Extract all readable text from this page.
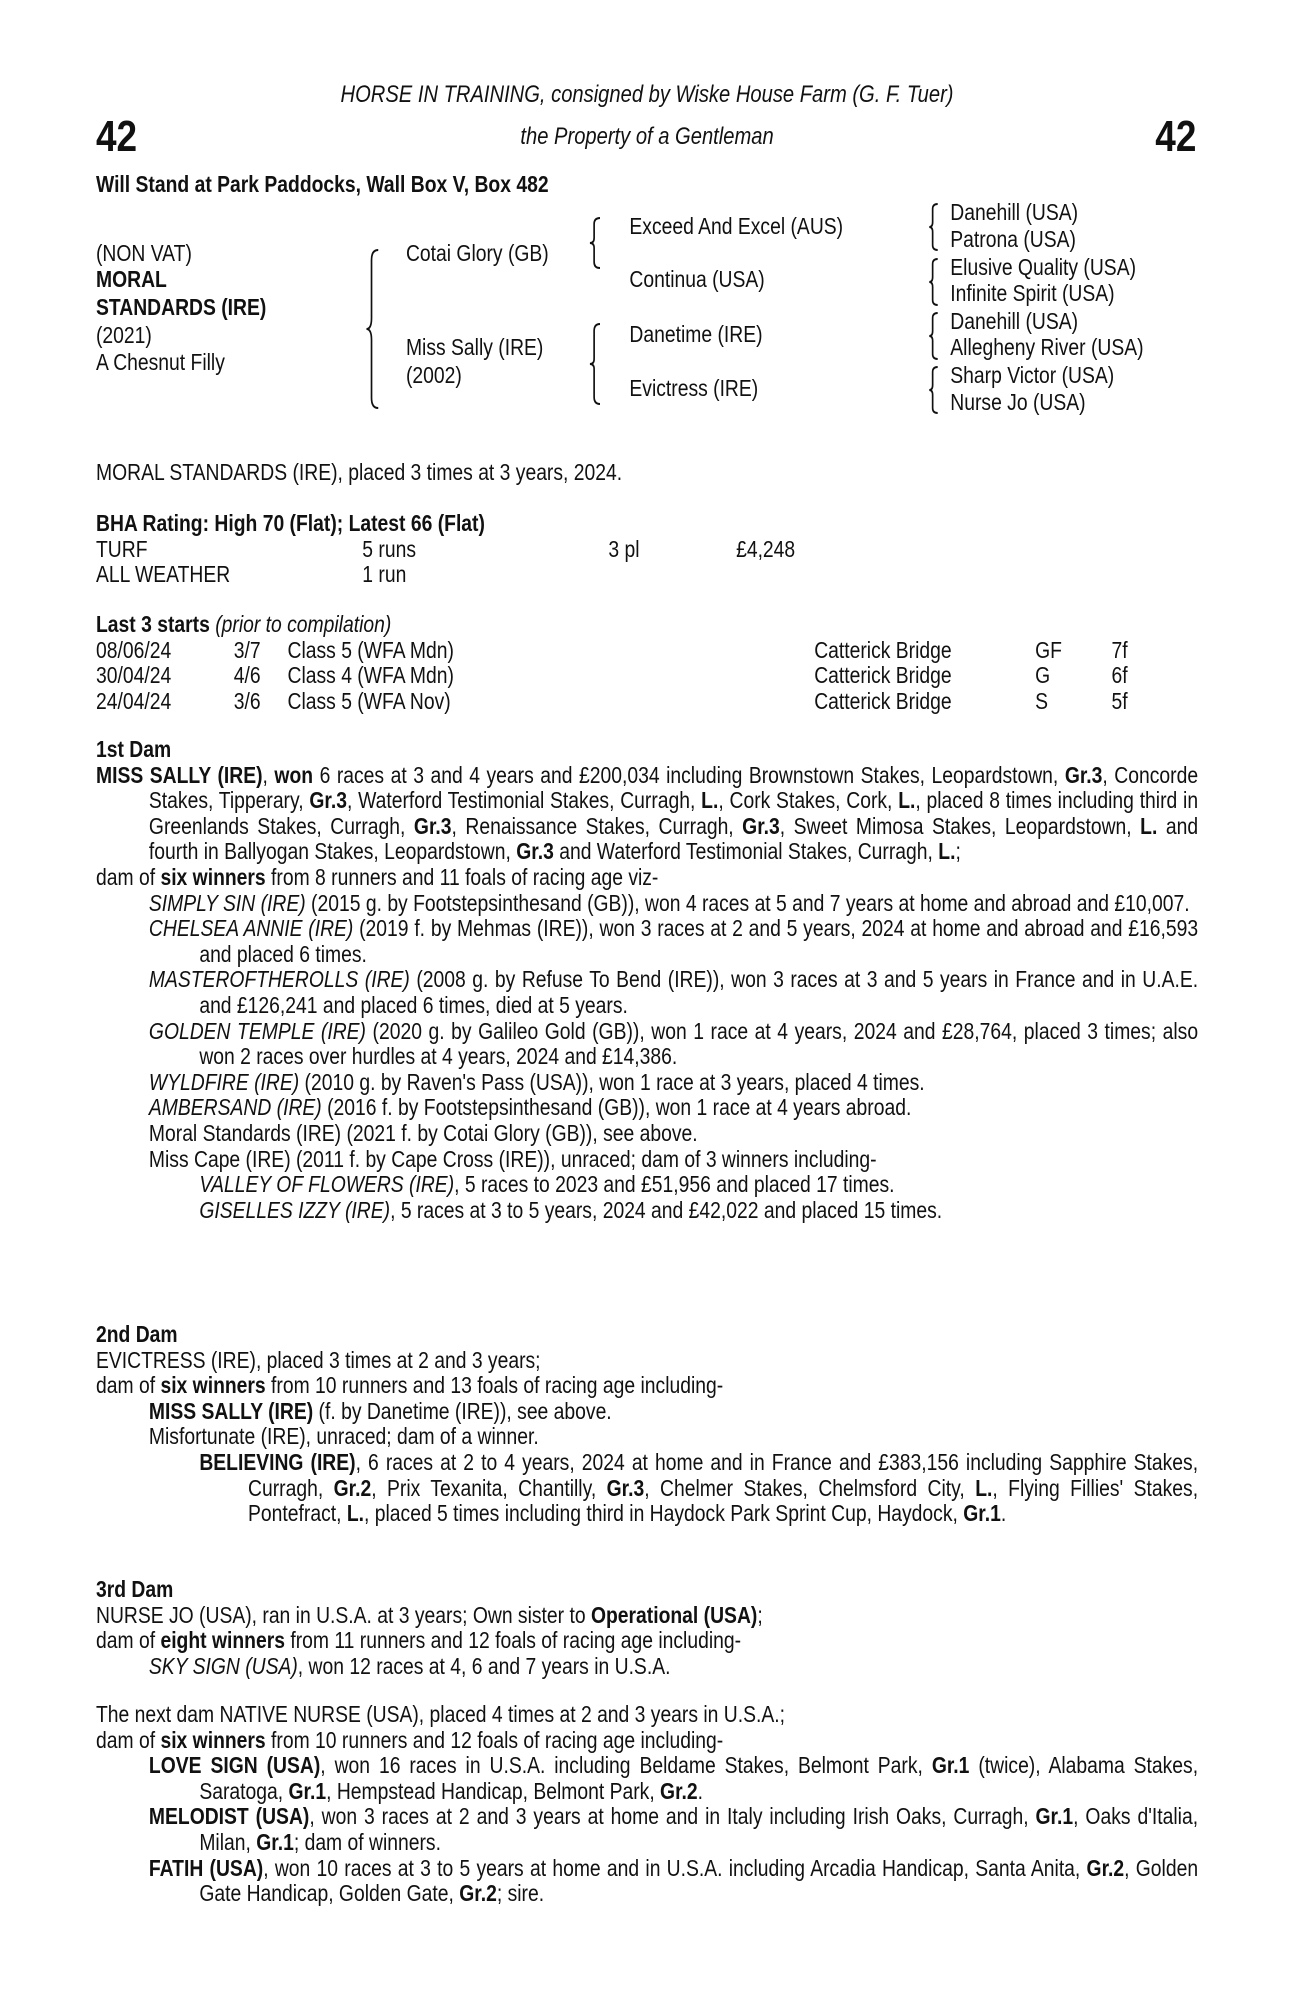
HORSE IN TRAINING, consigned by Wiske House Farm (G. F. Tuer)
the Property of a Gentleman
42	42
Will Stand at Park Paddocks, Wall Box V, Box 482
(NON VAT)
MORAL
STANDARDS (IRE)
(2021)
A Chesnut Filly
Cotai Glory (GB)
Miss Sally (IRE)
(2002)
Exceed And Excel (AUS)
Continua (USA)
Danetime (IRE)
Evictress (IRE)
Danehill (USA)
Patrona (USA)
Elusive Quality (USA)
Infinite Spirit (USA)
Danehill (USA)
Allegheny River (USA)
Sharp Victor (USA)
Nurse Jo (USA)
MORAL STANDARDS (IRE), placed 3 times at 3 years, 2024.
BHA Rating: High 70 (Flat); Latest 66 (Flat)
TURF	5 runs	3 pl	£4,248
ALL WEATHER	1 run
Last 3 starts (prior to compilation)
08/06/24	3/7 Class 5 (WFA Mdn)	Catterick Bridge	GF 7f
30/04/24	4/6 Class 4 (WFA Mdn)	Catterick Bridge	G	6f
24/04/24	3/6 Class 5 (WFA Nov)	Catterick Bridge	S	5f
1st Dam
MISS SALLY (IRE), won 6 races at 3 and 4 years and £200,034 including Brownstown Stakes, Leopardstown, Gr.3, Concorde Stakes, Tipperary, Gr.3, Waterford Testimonial Stakes, Curragh, L., Cork Stakes, Cork, L., placed 8 times including third in Greenlands Stakes, Curragh, Gr.3, Renaissance Stakes, Curragh, Gr.3, Sweet Mimosa Stakes, Leopardstown, L. and fourth in Ballyogan Stakes, Leopardstown, Gr.3 and Waterford Testimonial Stakes, Curragh, L.;
dam of six winners from 8 runners and 11 foals of racing age viz-
SIMPLY SIN (IRE) (2015 g. by Footstepsinthesand (GB)), won 4 races at 5 and 7 years at home and abroad and £10,007.
CHELSEA ANNIE (IRE) (2019 f. by Mehmas (IRE)), won 3 races at 2 and 5 years, 2024 at home and abroad and £16,593 and placed 6 times.
MASTEROFTHEROLLS (IRE) (2008 g. by Refuse To Bend (IRE)), won 3 races at 3 and 5 years in France and in U.A.E. and £126,241 and placed 6 times, died at 5 years.
GOLDEN TEMPLE (IRE) (2020 g. by Galileo Gold (GB)), won 1 race at 4 years, 2024 and £28,764, placed 3 times; also won 2 races over hurdles at 4 years, 2024 and £14,386.
WYLDFIRE (IRE) (2010 g. by Raven's Pass (USA)), won 1 race at 3 years, placed 4 times.
AMBERSAND (IRE) (2016 f. by Footstepsinthesand (GB)), won 1 race at 4 years abroad.
Moral Standards (IRE) (2021 f. by Cotai Glory (GB)), see above.
Miss Cape (IRE) (2011 f. by Cape Cross (IRE)), unraced; dam of 3 winners including-
VALLEY OF FLOWERS (IRE), 5 races to 2023 and £51,956 and placed 17 times.
GISELLES IZZY (IRE), 5 races at 3 to 5 years, 2024 and £42,022 and placed 15 times.
2nd Dam
EVICTRESS (IRE), placed 3 times at 2 and 3 years;
dam of six winners from 10 runners and 13 foals of racing age including-
MISS SALLY (IRE) (f. by Danetime (IRE)), see above.
Misfortunate (IRE), unraced; dam of a winner.
BELIEVING (IRE), 6 races at 2 to 4 years, 2024 at home and in France and £383,156 including Sapphire Stakes, Curragh, Gr.2, Prix Texanita, Chantilly, Gr.3, Chelmer Stakes, Chelmsford City, L., Flying Fillies' Stakes, Pontefract, L., placed 5 times including third in Haydock Park Sprint Cup, Haydock, Gr.1.
3rd Dam
NURSE JO (USA), ran in U.S.A. at 3 years; Own sister to Operational (USA);
dam of eight winners from 11 runners and 12 foals of racing age including-
SKY SIGN (USA), won 12 races at 4, 6 and 7 years in U.S.A.
The next dam NATIVE NURSE (USA), placed 4 times at 2 and 3 years in U.S.A.;
dam of six winners from 10 runners and 12 foals of racing age including-
LOVE SIGN (USA), won 16 races in U.S.A. including Beldame Stakes, Belmont Park, Gr.1 (twice), Alabama Stakes, Saratoga, Gr.1, Hempstead Handicap, Belmont Park, Gr.2.
MELODIST (USA), won 3 races at 2 and 3 years at home and in Italy including Irish Oaks, Curragh, Gr.1, Oaks d'Italia, Milan, Gr.1; dam of winners.
FATIH (USA), won 10 races at 3 to 5 years at home and in U.S.A. including Arcadia Handicap, Santa Anita, Gr.2, Golden Gate Handicap, Golden Gate, Gr.2; sire.
